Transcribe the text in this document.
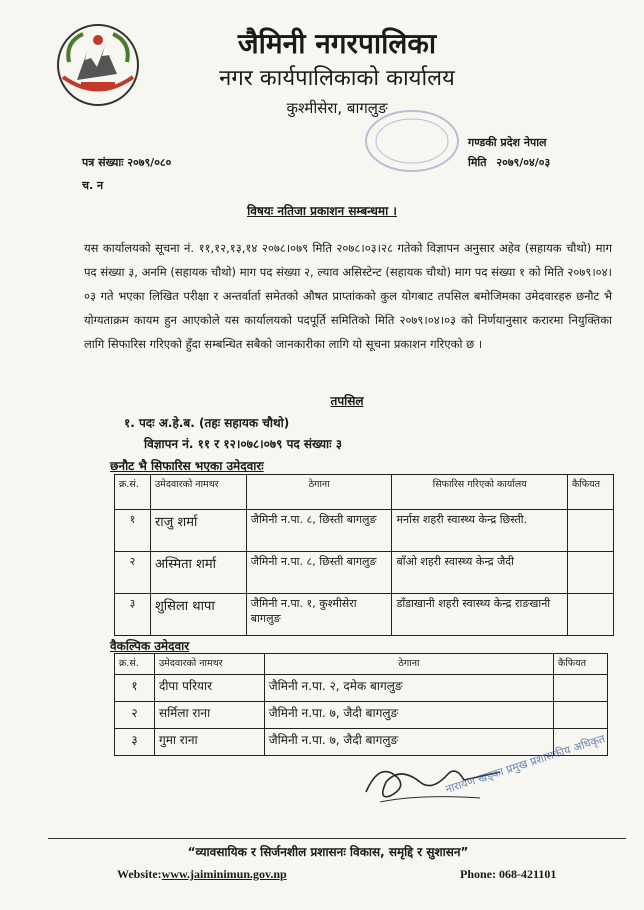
जैमिनी नगरपालिका
नगर कार्यपालिकाको कार्यालय
कुश्मीसेरा, बागलुङ
गण्डकी प्रदेश नेपाल
पत्र संख्याः २०७९/०८०
च. न
मिति २०७९/०४/०३
विषयः नतिजा प्रकाशन सम्बन्धमा ।
यस कार्यालयको सूचना नं. ११,१२,१३,१४ २०७८।०७९ मिति २०७८।०३।२८ गतेको विज्ञापन अनुसार अहेव (सहायक चौथो) माग पद संख्या ३, अनमि (सहायक चौथो) माग पद संख्या २, ल्याव असिस्टेन्ट (सहायक चौथो) माग पद संख्या १ को मिति २०७९।०४।०३ गते भएका लिखित परीक्षा र अन्तर्वार्ता समेतको औषत प्राप्तांकको कुल योगबाट तपसिल बमोजिमका उमेदवारहरु छनौट भै योग्यताक्रम कायम हुन आएकोले यस कार्यालयको पदपूर्ति समितिको मिति २०७९।०४।०३ को निर्णयानुसार करारमा नियुक्तिका लागि सिफारिस गरिएको हुँदा सम्बन्धित सबैको जानकारीका लागि यो सूचना प्रकाशन गरिएको छ ।
तपसिल
१. पदः अ.हे.ब. (तहः सहायक चौथो)
विज्ञापन नं. ११ र १२।०७८।०७९ पद संख्याः ३
छनौट भै सिफारिस भएका उमेदवारः
क्र.सं.	उमेदवारको नामथर	ठेगाना	सिफारिस गरिएको कार्यालय	कैफियत
१	राजु शर्मा	जैमिनी न.पा. ८, छिस्ती बागलुङ	मर्नास शहरी स्वास्थ्य केन्द्र छिस्ती.	
२	अस्मिता शर्मा	जैमिनी न.पा. ८, छिस्ती बागलुङ	बाँओ शहरी स्वास्थ्य केन्द्र जैदी	
३	शुसिला थापा	जैमिनी न.पा. १, कुश्मीसेरा बागलुङ	डाँडाखानी शहरी स्वास्थ्य केन्द्र राङखानी	
वैकल्पिक उमेदवार
क्र.सं.	उमेदवारको नामथर	ठेगाना	कैफियत
१	दीपा परियार	जैमिनी न.पा. २, दमेक बागलुङ	
२	सर्मिला राना	जैमिनी न.पा. ७, जैदी बागलुङ	
३	गुमा राना	जैमिनी न.पा. ७, जैदी बागलुङ		नारायण खड्का प्रमुख प्रशासकीय अधिकृत
“व्यावसायिक र सिर्जनशील प्रशासनः विकास, समृद्दि र सुशासन”
Website:www.jaiminimun.gov.np	Phone: 068-421101
